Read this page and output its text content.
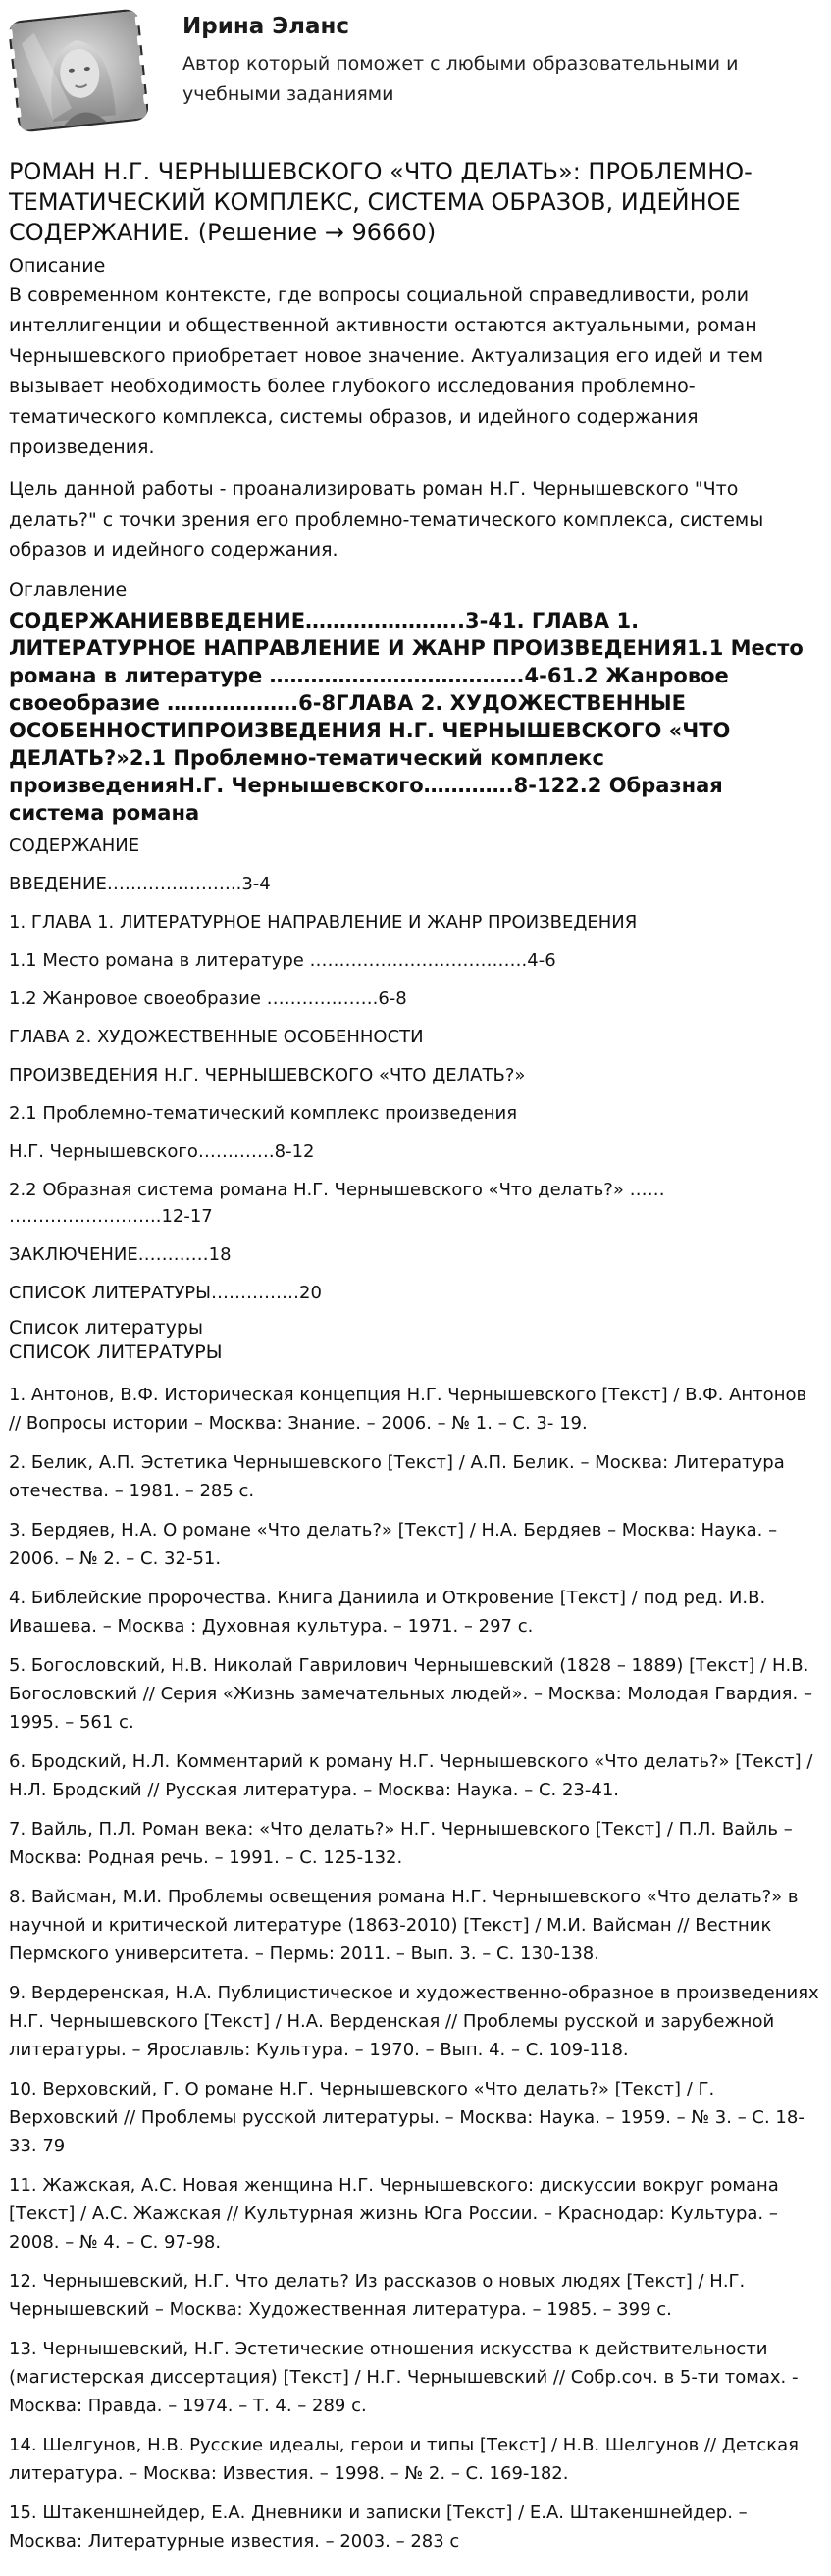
Ирина Эланс
Автор который поможет с любыми образовательными и учебными заданиями
РОМАН Н.Г. ЧЕРНЫШЕВСКОГО «ЧТО ДЕЛАТЬ»: ПРОБЛЕМНО-ТЕМАТИЧЕСКИЙ КОМПЛЕКС, СИСТЕМА ОБРАЗОВ, ИДЕЙНОЕ СОДЕРЖАНИЕ. (Решение → 96660)
Описание

В современном контексте, где вопросы социальной справедливости, роли интеллигенции и общественной активности остаются актуальными, роман Чернышевского приобретает новое значение. Актуализация его идей и тем вызывает необходимость более глубокого исследования проблемно-тематического комплекса, системы образов, и идейного содержания произведения.

Цель данной работы - проанализировать роман Н.Г. Чернышевского "Что делать?" с точки зрения его проблемно-тематического комплекса, системы образов и идейного содержания.

Оглавление
СОДЕРЖАНИЕВВЕДЕНИЕ…………………..3-41. ГЛАВА 1. ЛИТЕРАТУРНОЕ НАПРАВЛЕНИЕ И ЖАНР ПРОИЗВЕДЕНИЯ1.1 Место романа в литературе ……………………………….4-61.2 Жанровое своеобразие ……………….6-8ГЛАВА 2. ХУДОЖЕСТВЕННЫЕ ОСОБЕННОСТИПРОИЗВЕДЕНИЯ Н.Г. ЧЕРНЫШЕВСКОГО «ЧТО ДЕЛАТЬ?»2.1 Проблемно-тематический комплекс произведенияН.Г. Чернышевского………….8-122.2 Образная система романа

СОДЕРЖАНИЕ

ВВЕДЕНИЕ…………………..3-4

1. ГЛАВА 1. ЛИТЕРАТУРНОЕ НАПРАВЛЕНИЕ И ЖАНР ПРОИЗВЕДЕНИЯ

1.1 Место романа в литературе ……………………………….4-6

1.2 Жанровое своеобразие ……………….6-8

ГЛАВА 2. ХУДОЖЕСТВЕННЫЕ ОСОБЕННОСТИ

ПРОИЗВЕДЕНИЯ Н.Г. ЧЕРНЫШЕВСКОГО «ЧТО ДЕЛАТЬ?»

2.1 Проблемно-тематический комплекс произведения

Н.Г. Чернышевского………….8-12

2.2 Образная система романа Н.Г. Чернышевского «Что делать?» …… ……………………..12-17

ЗАКЛЮЧЕНИЕ…………18

СПИСОК ЛИТЕРАТУРЫ……………20

Список литературы
СПИСОК ЛИТЕРАТУРЫ

1. Антонов, В.Ф. Историческая концепция Н.Г. Чернышевского [Текст] / В.Ф. Антонов // Вопросы истории – Москва: Знание. – 2006. – № 1. – С. 3- 19.

2. Белик, А.П. Эстетика Чернышевского [Текст] / А.П. Белик. – Москва: Литература отечества. – 1981. – 285 с.

3. Бердяев, Н.А. О романе «Что делать?» [Текст] / Н.А. Бердяев – Москва: Наука. – 2006. – № 2. – С. 32-51.

4. Библейские пророчества. Книга Даниила и Откровение [Текст] / под ред. И.В. Ивашева. – Москва : Духовная культура. – 1971. – 297 с.

5. Богословский, Н.В. Николай Гаврилович Чернышевский (1828 – 1889) [Текст] / Н.В. Богословский // Серия «Жизнь замечательных людей». – Москва: Молодая Гвардия. – 1995. – 561 с.

6. Бродский, Н.Л. Комментарий к роману Н.Г. Чернышевского «Что делать?» [Текст] / Н.Л. Бродский // Русская литература. – Москва: Наука. – С. 23-41.

7. Вайль, П.Л. Роман века: «Что делать?» Н.Г. Чернышевского [Текст] / П.Л. Вайль – Москва: Родная речь. – 1991. – С. 125-132.

8. Вайсман, М.И. Проблемы освещения романа Н.Г. Чернышевского «Что делать?» в научной и критической литературе (1863-2010) [Текст] / М.И. Вайсман // Вестник Пермского университета. – Пермь: 2011. – Вып. 3. – С. 130-138.

9. Вердеренская, Н.А. Публицистическое и художественно-образное в произведениях Н.Г. Чернышевского [Текст] / Н.А. Верденская // Проблемы русской и зарубежной литературы. – Ярославль: Культура. – 1970. – Вып. 4. – С. 109-118.

10. Верховский, Г. О романе Н.Г. Чернышевского «Что делать?» [Текст] / Г. Верховский // Проблемы русской литературы. – Москва: Наука. – 1959. – № 3. – С. 18-33. 79

11. Жажская, А.С. Новая женщина Н.Г. Чернышевского: дискуссии вокруг романа [Текст] / А.С. Жажская // Культурная жизнь Юга России. – Краснодар: Культура. – 2008. – № 4. – С. 97-98.

12. Чернышевский, Н.Г. Что делать? Из рассказов о новых людях [Текст] / Н.Г. Чернышевский – Москва: Художественная литература. – 1985. – 399 с.

13. Чернышевский, Н.Г. Эстетические отношения искусства к действительности (магистерская диссертация) [Текст] / Н.Г. Чернышевский // Собр.соч. в 5-ти томах. - Москва: Правда. – 1974. – Т. 4. – 289 с.

14. Шелгунов, Н.В. Русские идеалы, герои и типы [Текст] / Н.В. Шелгунов // Детская литература. – Москва: Известия. – 1998. – № 2. – С. 169-182.

15. Штакеншнейдер, Е.А. Дневники и записки [Текст] / Е.А. Штакеншнейдер. – Москва: Литературные известия. – 2003. – 283 с
